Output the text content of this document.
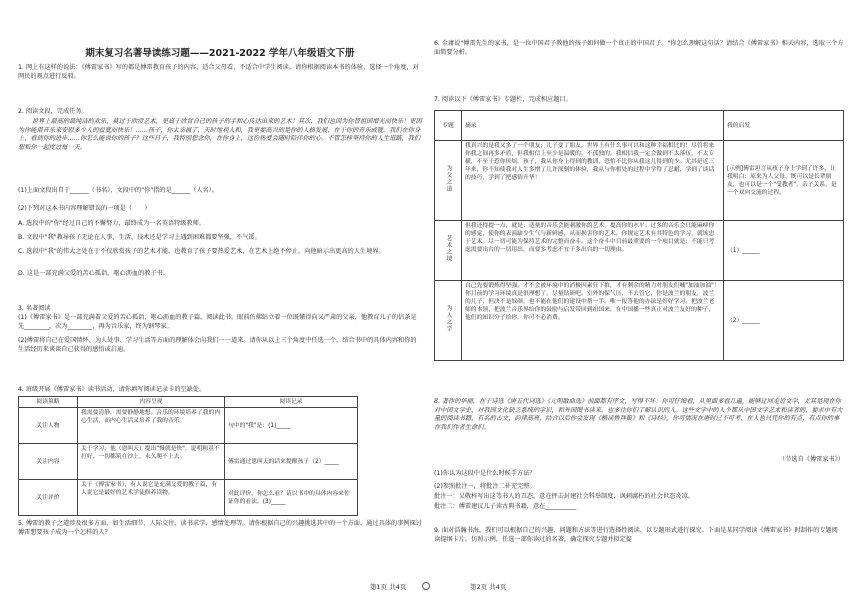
期末复习名著导读练习题——2021-2022 学年八年级语文下册
1. 网上有这样的说法：《傅雷家书》写的都是傅雷教育孩子的内容，适合父母看，不适合中学生阅读。请你根据阅读本书的体验，选择一个角度，对网民的观点进行反驳。
2. 阅读文段，完成任务。
世界上最高的最纯洁的欢乐，莫过于欣赏艺术，更高于欣赏自己的孩子的手和心传达出来的艺术！其次，我们也因为你替祖国增光而快乐！更因为你能借音乐来安慰多少人的寂寞而快乐！……孩子，你太幸福了，天时地利人和，我更要高兴的是你的人格发展，在于你的音乐成就。我们在你身上，看到你的进步……你怎么能说你的孩子？这些日子，我特别想念你，在你身上，这份热爱会随时陪伴你的心。不管怎样坚持你的人生道路，我们想和你一起度过每一天。
(1)上面文段出自于______（书名），文段中的"你"指的是______（人名）。
(2)下列对这本书内容理解错误的一项是（　　）
A. 选段中的"你"经过自己的不懈努力，最终成为一名英语特级教师。
B. 文段中"我"教导孩子无论在人事、生活、技术还是学习上遇到困难都要坚强，不气馁。
C. 选段中"我"的伟大之处在于不仅欣赏孩子的艺术才能，也教育了孩子要热爱艺术，在艺术上绝不停止，向他暗示出更高的人生境界。
D. 这是一部充满父爱的苦心孤诣，呕心沥血的教子书。
3. 名著阅读
(1)《傅雷家书》是一部充满着父爱的苦心孤诣、呕心沥血的教子篇。阅读此书，眼前仿佛站立着一位既懂得向又严肃的父亲，他教育儿子的信条是先________，次为________，再为音乐家，终为钢琴家。
(2)傅雷将自己在爱国情怀、为人处事、学习生活等方面的理解体会向我们一一道来。请你从以上三个角度中任选一个，结合书中的具体内容和你的生活经历来谈谈自己获得的感悟或启迪。
4. 班级开展《傅雷家书》读书活动，请你填写阅读记录卡的空缺处。
阅读策略	内容呈现	阅读记录
关注人物	我需要清静，需要静静地想。音乐的环境培养了我的内心生活，而内心生活又培养了我的音乐。	句中的"我"是：(1)_____
关注内容	关于学习，他（恩叫天）提出"慢就是快"，说明粗基不打好，一切都筑在沙上，永久爬不上去。	傅雷通过恩叫天的话来提醒孩子（2）_____
关注评价	关于《傅雷家书》，有人说它是充满父爱的教子篇，有人说它是最好的艺术学徒修养读物。	对此评价，你怎么看？请以书中的具体内容来佐证你的看法。(3)_____
5. 傅雷的教子之道涉及很多方面，如生活细节、人际交往、读书求学、感情处理等。请你根据自己的兴趣挑选其中的一个方面，通过具体的事例探讨傅雷想要孩子成为一个怎样的人？
第1页 共4页
6. 金庸说"傅雷先生的家书，是一位中国君子教他的孩子如何做一个真正的中国君子。"你怎么理解这句话？请结合《傅雷家书》相关内容，选取三个方面简要分析。
7. 阅读以下《傅雷家书》专题栏，完成相应题目。
专题	摘录	我的启发
为父之道	我真兴的是我又多了一个朋友；儿子变了朋友，世界上有什么事可以和这种幸福相比的！尽管将来你我之间再多矛盾，但我相信上至少是温暖的，不孤独的。我相信我一定会做到不太落伍，不太专横，不至于惹你厌烦。孩子，我从你身上得到的教训，恐怕不比你从我这儿得到的少。尤其是近三年来，你不知使我对人生多增了几许深刻的体验，我从与你相处的过程中学得了忍耐，学到了谈话的技巧，学到了把感情升华！	[示例]傅雷坦言从孩子身上学到了许多，让我明白：原来为人父母，既可以是长辈朋友，也可以是一个"受教者"，亲子关系，是一个双向交流的过程。
艺术之境	但我还得提一点，就是：适量的音乐会能刺激你的艺术，提高你的水平；过多的音乐会只能麻痹你的感觉，使你的表演缺少生气与新鲜感，从而损害你的艺术。你规定艺术有其特色的学习，就该忠于艺术。尽一切可能为保持艺术的完整而奋斗。这个奋斗中目前最重要的一个项目就是：不能只考虑需要出台的一切用出，而要多考虑不宜于多出台的一切理由。	（1）______
为人之学	自己先要锻炼得坚强，才不会被环境中的消极因素狂下推，才有剩余的精力对朋友们喊"加油加油"！你目前的学习环境真是很理想了，尽量钻研吧。室外的保气压，不去管它，你是波兰的朋友，波兰的儿子，但决不是奴颜，也不能在他们的建设中帮一手。唯一报答他的办法是好好学习。把波兰老师的本领，把波兰音乐界给你的鼓励与启发带回到祖国来，在中国播一些真正对波兰友好的种子，他们的知识分子给你，你可不必消费。	（2）______
8. 著作的华丽，在于诗选《唐五代词选》《元明散曲选》前面都有序文，写得不坏：你可仔细看，从里面多看几遍，能够迂回走近文学，尤其是现在你对中国文学史，对我国文化缺乏系统的学识，和外国图书读来，也多往你们了解认识的人。这些文学中的人个都从中国文学艺术和读者的，要求中有大量的阅读书籍，有名的古文，韵律高亮，结合以后你会发现《楷读鲁拜集》和《诗经》，你可情况在唐时已不可考，在人也只凭你的有点，有点你的事在我们作者生命们。
（节选自《傅雷家书》）
(1)你认为这段中是什么时候手方法？
(2)参照批注一，将批注二补充完整。
批注一：吴敬梓写出这等书人的丑态，意在抨击封建社会科举制度，讽刺腐朽的社会世态炎凉。
批注二：傅雷建议儿子读古典书籍，意在__________
9. 面对浩瀚书海，我们可以根据自己的兴趣、问题和方法等进行选择性阅读，以专题形式进行探究。下面是某同学阅读《傅雷家书》时制作的专题阅读提纲卡片。仿照示例，任选一部你读过的名著，确定探究专题并拟定提
第2页 共4页
